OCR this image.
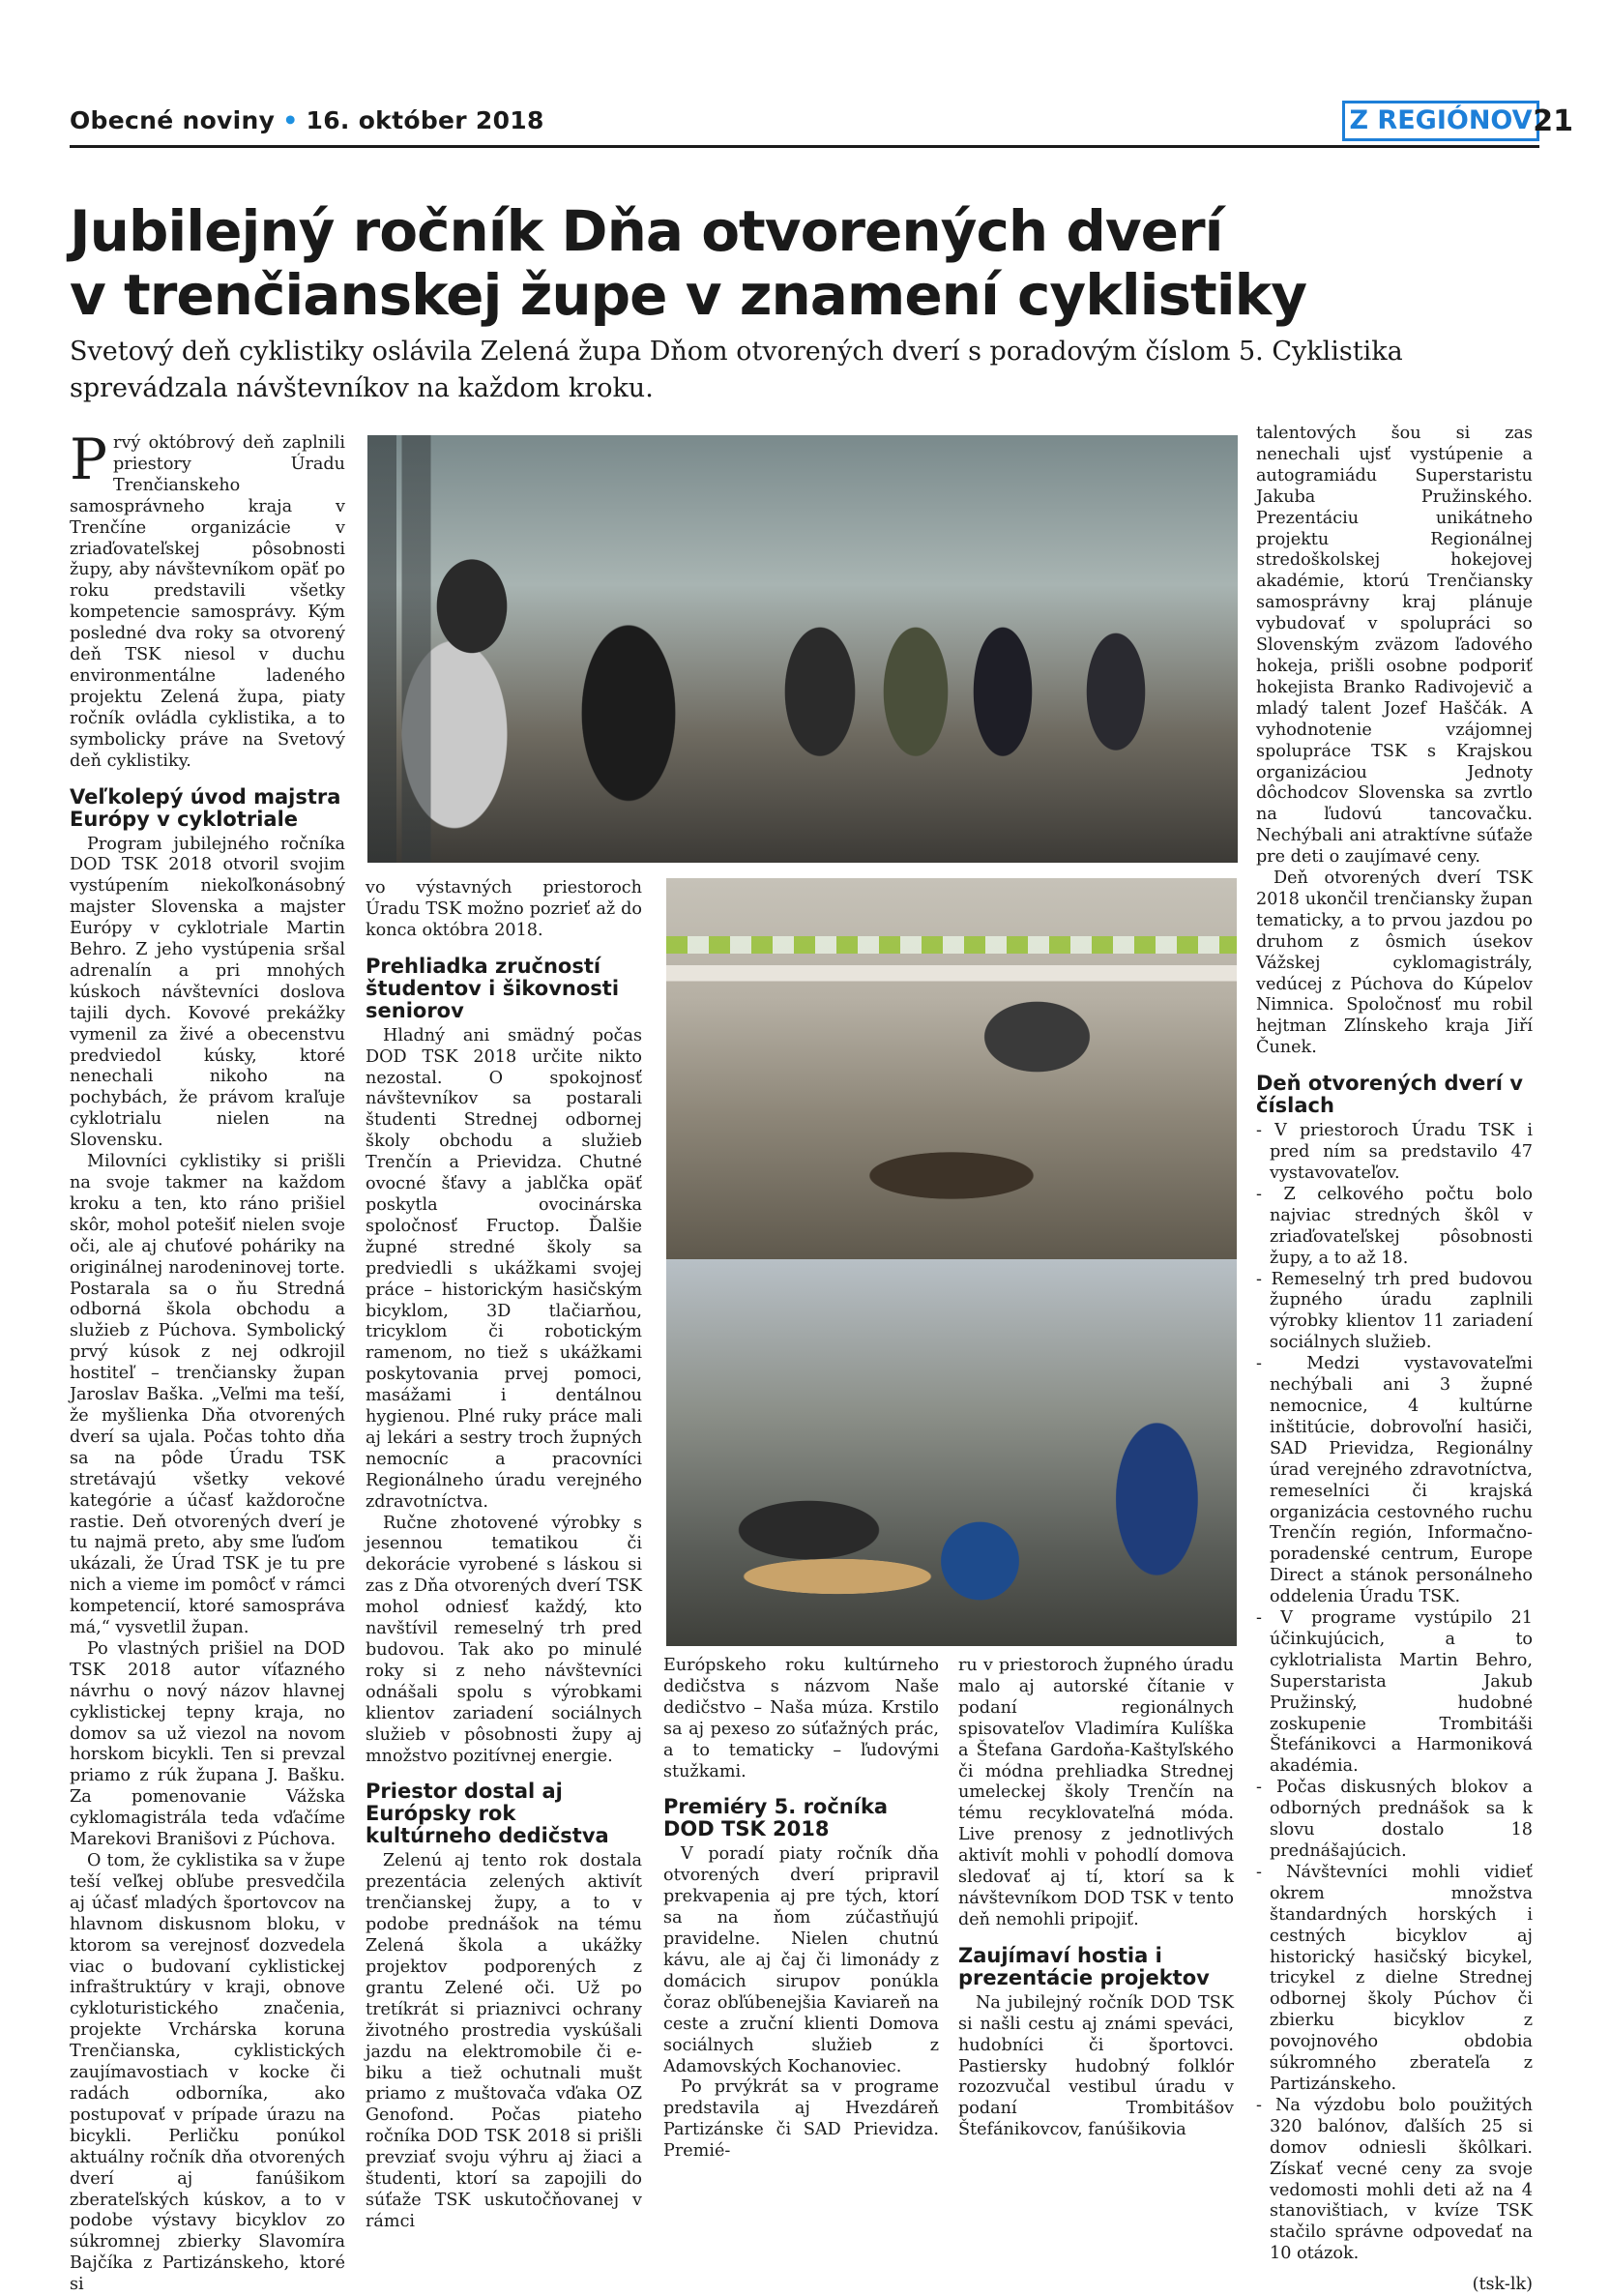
Obecné noviny • 16. október 2018	Z REGIÓNOV 21
Jubilejný ročník Dňa otvorených dverí
v trenčianskej župe v znamení cyklistiky

Svetový deň cyklistiky oslávila Zelená župa Dňom otvorených dverí s poradovým číslom 5. Cyklistika sprevádzala návštevníkov na každom kroku.

Prvý októbrový deň zaplnili priestory Úradu Trenčianskeho samosprávneho kraja v Trenčíne organizácie v zriaďovateľskej pôsobnosti župy, aby návštevníkom opäť po roku predstavili všetky kompetencie samosprávy. Kým posledné dva roky sa otvorený deň TSK niesol v duchu environmentálne ladeného projektu Zelená župa, piaty ročník ovládla cyklistika, a to symbolicky práve na Svetový deň cyklistiky.

Veľkolepý úvod majstra Európy v cyklotriale

Program jubilejného ročníka DOD TSK 2018 otvoril svojim vystúpením niekoľkonásobný majster Slovenska a majster Európy v cyklotriale Martin Behro. Z jeho vystúpenia sršal adrenalín a pri mnohých kúskoch návštevníci doslova tajili dych. Kovové prekážky vymenil za živé a obecenstvu predviedol kúsky, ktoré nenechali nikoho na pochybách, že právom kraľuje cyklotrialu nielen na Slovensku.

Milovníci cyklistiky si prišli na svoje takmer na každom kroku a ten, kto ráno prišiel skôr, mohol potešiť nielen svoje oči, ale aj chuťové poháriky na originálnej narodeninovej torte. Postarala sa o ňu Stredná odborná škola obchodu a služieb z Púchova. Symbolický prvý kúsok z nej odkrojil hostiteľ – trenčiansky župan Jaroslav Baška. „Veľmi ma teší, že myšlienka Dňa otvorených dverí sa ujala. Počas tohto dňa sa na pôde Úradu TSK stretávajú všetky vekové kategórie a účasť každoročne rastie. Deň otvorených dverí je tu najmä preto, aby sme ľuďom ukázali, že Úrad TSK je tu pre nich a vieme im pomôcť v rámci kompetencií, ktoré samospráva má,“ vysvetlil župan.

Po vlastných prišiel na DOD TSK 2018 autor víťazného návrhu o nový názov hlavnej cyklistickej tepny kraja, no domov sa už viezol na novom horskom bicykli. Ten si prevzal priamo z rúk župana J. Bašku. Za pomenovanie Vážska cyklomagistrála teda vďačíme Marekovi Branišovi z Púchova.

O tom, že cyklistika sa v župe teší veľkej obľube presvedčila aj účasť mladých športovcov na hlavnom diskusnom bloku, v ktorom sa verejnosť dozvedela viac o budovaní cyklistickej infraštruktúry v kraji, obnove cykloturistického značenia, projekte Vrchárska koruna Trenčianska, cyklistických zaujímavostiach v kocke či radách odborníka, ako postupovať v prípade úrazu na bicykli. Perličku ponúkol aktuálny ročník dňa otvorených dverí aj fanúšikom zberateľských kúskov, a to v podobe výstavy bicyklov zo súkromnej zbierky Slavomíra Bajčíka z Partizánskeho, ktoré si

vo výstavných priestoroch Úradu TSK možno pozrieť až do konca októbra 2018.

Prehliadka zručností študentov i šikovnosti seniorov

Hladný ani smädný počas DOD TSK 2018 určite nikto nezostal. O spokojnosť návštevníkov sa postarali študenti Strednej odbornej školy obchodu a služieb Trenčín a Prievidza. Chutné ovocné šťavy a jablčka opäť poskytla ovocinárska spoločnosť Fructop. Ďalšie župné stredné školy sa predviedli s ukážkami svojej práce – historickým hasičským bicyklom, 3D tlačiarňou, tricyklom či robotickým ramenom, no tiež s ukážkami poskytovania prvej pomoci, masážami i dentálnou hygienou. Plné ruky práce mali aj lekári a sestry troch župných nemocníc a pracovníci Regionálneho úradu verejného zdravotníctva.

Ručne zhotovené výrobky s jesennou tematikou či dekorácie vyrobené s láskou si zas z Dňa otvorených dverí TSK mohol odniesť každý, kto navštívil remeselný trh pred budovou. Tak ako po minulé roky si z neho návštevníci odnášali spolu s výrobkami klientov zariadení sociálnych služieb v pôsobnosti župy aj množstvo pozitívnej energie.

Priestor dostal aj Európsky rok kultúrneho dedičstva

Zelenú aj tento rok dostala prezentácia zelených aktivít trenčianskej župy, a to v podobe prednášok na tému Zelená škola a ukážky projektov podporených z grantu Zelené oči. Už po tretíkrát si priaznivci ochrany životného prostredia vyskúšali jazdu na elektromobile či e-biku a tiež ochutnali mušt priamo z muštovača vďaka OZ Genofond. Počas piateho ročníka DOD TSK 2018 si prišli prevziať svoju výhru aj žiaci a študenti, ktorí sa zapojili do súťaže TSK uskutočňovanej v rámci

Európskeho roku kultúrneho dedičstva s názvom Naše dedičstvo – Naša múza. Krstilo sa aj pexeso zo súťažných prác, a to tematicky – ľudovými stužkami.

Premiéry 5. ročníka DOD TSK 2018

V poradí piaty ročník dňa otvorených dverí pripravil prekvapenia aj pre tých, ktorí sa na ňom zúčastňujú pravidelne. Nielen chutnú kávu, ale aj čaj či limonády z domácich sirupov ponúkla čoraz obľúbenejšia Kaviareň na ceste a zruční klienti Domova sociálnych služieb z Adamovských Kochanoviec.

Po prvýkrát sa v programe predstavila aj Hvezdáreň Partizánske či SAD Prievidza. Premié-

ru v priestoroch župného úradu malo aj autorské čítanie v podaní regionálnych spisovateľov Vladimíra Kulíška a Štefana Gardoňa-Kaštyľského či módna prehliadka Strednej umeleckej školy Trenčín na tému recyklovateľná móda. Live prenosy z jednotlivých aktivít mohli v pohodlí domova sledovať aj tí, ktorí sa k návštevníkom DOD TSK v tento deň nemohli pripojiť.

Zaujímaví hostia i prezentácie projektov

Na jubilejný ročník DOD TSK si našli cestu aj známi speváci, hudobníci či športovci. Pastiersky hudobný folklór rozozvučal vestibul úradu v podaní Trombitášov Štefánikovcov, fanúšikovia

talentových šou si zas nenechali ujsť vystúpenie a autogramiádu Superstaristu Jakuba Pružinského. Prezentáciu unikátneho projektu Regionálnej stredoškolskej hokejovej akadémie, ktorú Trenčiansky samosprávny kraj plánuje vybudovať v spolupráci so Slovenským zväzom ľadového hokeja, prišli osobne podporiť hokejista Branko Radivojevič a mladý talent Jozef Haščák. A vyhodnotenie vzájomnej spolupráce TSK s Krajskou organizáciou Jednoty dôchodcov Slovenska sa zvrtlo na ľudovú tancovačku. Nechýbali ani atraktívne súťaže pre deti o zaujímavé ceny.

Deň otvorených dverí TSK 2018 ukončil trenčiansky župan tematicky, a to prvou jazdou po druhom z ôsmich úsekov Vážskej cyklomagistrály, vedúcej z Púchova do Kúpelov Nimnica. Spoločnosť mu robil hejtman Zlínskeho kraja Jiří Čunek.

Deň otvorených dverí v číslach
- V priestoroch Úradu TSK i pred ním sa predstavilo 47 vystavovateľov.
- Z celkového počtu bolo najviac stredných škôl v zriaďovateľskej pôsobnosti župy, a to až 18.
- Remeselný trh pred budovou župného úradu zaplnili výrobky klientov 11 zariadení sociálnych služieb.
- Medzi vystavovateľmi nechýbali ani 3 župné nemocnice, 4 kultúrne inštitúcie, dobrovoľní hasiči, SAD Prievidza, Regionálny úrad verejného zdravotníctva, remeselníci či krajská organizácia cestovného ruchu Trenčín región, Informačno-poradenské centrum, Europe Direct a stánok personálneho oddelenia Úradu TSK.
- V programe vystúpilo 21 účinkujúcich, a to cyklotrialista Martin Behro, Superstarista Jakub Pružinský, hudobné zoskupenie Trombitáši Štefánikovci a Harmoniková akadémia.
- Počas diskusných blokov a odborných prednášok sa k slovu dostalo 18 prednášajúcich.
- Návštevníci mohli vidieť okrem množstva štandardných horských i cestných bicyklov aj historický hasičský bicykel, tricykel z dielne Strednej odbornej školy Púchov či zbierku bicyklov z povojnového obdobia súkromného zberateľa z Partizánskeho.
- Na výzdobu bolo použitých 320 balónov, ďalších 25 si domov odniesli škôlkari. Získať vecné ceny za svoje vedomosti mohli deti až na 4 stanovištiach, v kvíze TSK stačilo správne odpovedať na 10 otázok.

(tsk-lk)
